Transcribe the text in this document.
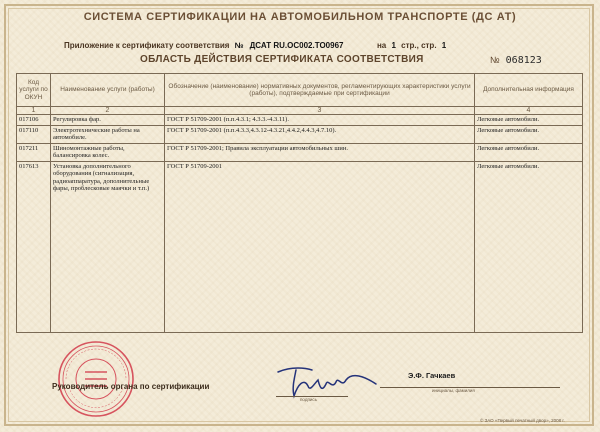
СИСТЕМА СЕРТИФИКАЦИИ НА АВТОМОБИЛЬНОМ ТРАНСПОРТЕ (ДС АТ)
Приложение к сертификату соответствия № ДСАТ RU.OC002.TO0967	на 1 стр., стр. 1
ОБЛАСТЬ ДЕЙСТВИЯ СЕРТИФИКАТА СООТВЕТСТВИЯ	№ 068123
Код услуги по ОКУН	Наименование услуги (работы)	Обозначение (наименование) нормативных документов, регламентирующих характеристики услуги (работы), подтверждаемые при сертификации	Дополнительная информация
1	2	3	4
017106	Регулировка фар.	ГОСТ Р 51709-2001 (п.п.4.3.1; 4.3.3.-4.3.11).	Легковые автомобили.
017110	Электротехнические работы на автомобиле.	ГОСТ Р 51709-2001 (п.п.4.3.3,4.3.12-4.3.21,4.4.2,4.4.3,4.7.10).	Легковые автомобили.
017211	Шиномонтажные работы, балансировка колес.	ГОСТ Р 51709-2001; Правила эксплуатации автомобильных шин.	Легковые автомобили.
017613	Установка дополнительного оборудования (сигнализация, радиоаппаратура, дополнительные фары, проблесковые маячки и т.п.)	ГОСТ Р 51709-2001	Легковые автомобили.
Руководитель органа по сертификации
подпись
Э.Ф. Гачкаев
инициалы, фамилия
© ЗАО «Первый печатный двор», 2008 г.
